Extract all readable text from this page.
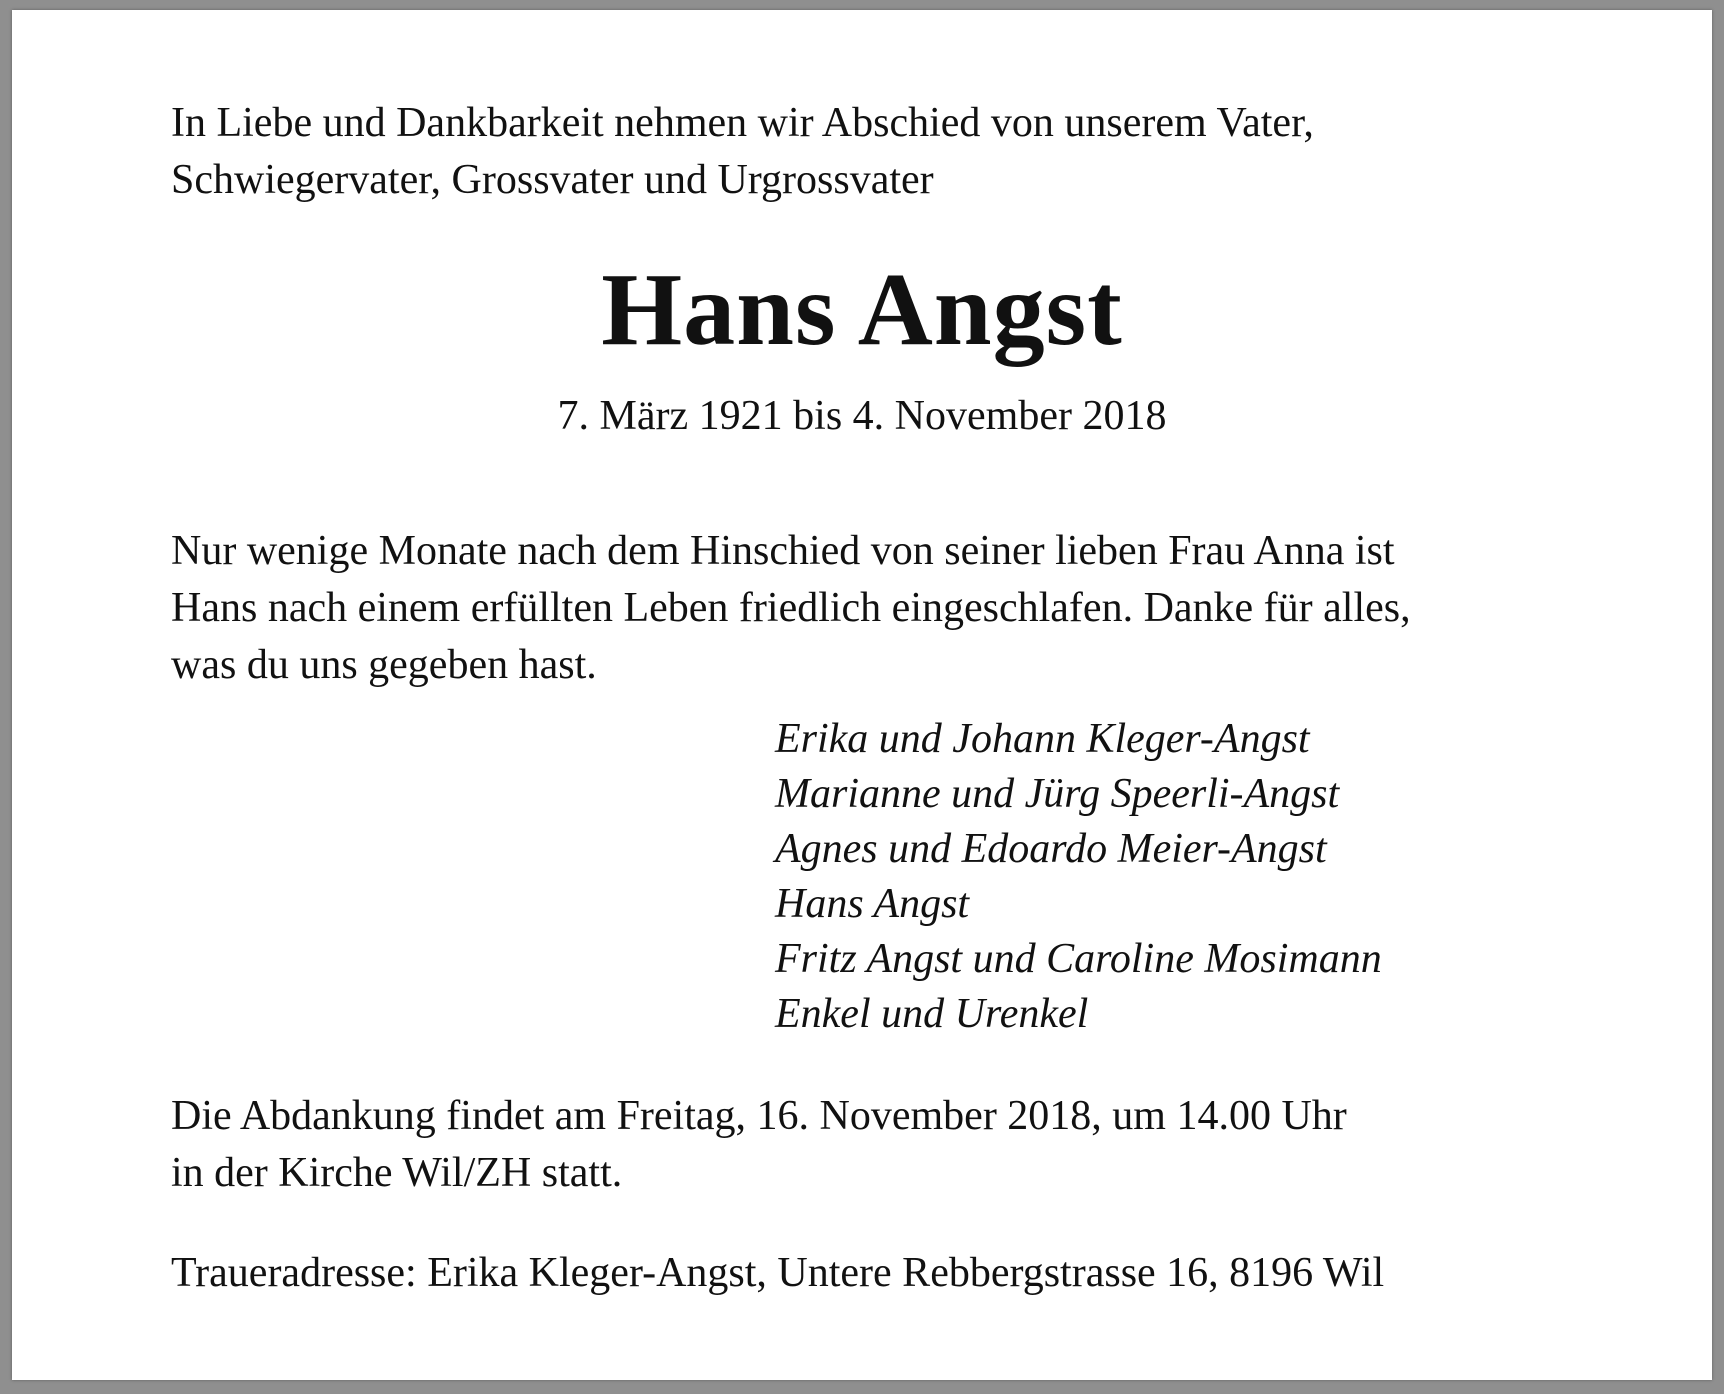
In Liebe und Dankbarkeit nehmen wir Abschied von unserem Vater,
Schwiegervater, Grossvater und Urgrossvater
Hans Angst
7. März 1921 bis 4. November 2018
Nur wenige Monate nach dem Hinschied von seiner lieben Frau Anna ist
Hans nach einem erfüllten Leben friedlich eingeschlafen. Danke für alles,
was du uns gegeben hast.
Erika und Johann Kleger-Angst
Marianne und Jürg Speerli-Angst
Agnes und Edoardo Meier-Angst
Hans Angst
Fritz Angst und Caroline Mosimann
Enkel und Urenkel
Die Abdankung findet am Freitag, 16. November 2018, um 14.00 Uhr
in der Kirche Wil/ZH statt.
Traueradresse: Erika Kleger-Angst, Untere Rebbergstrasse 16, 8196 Wil
